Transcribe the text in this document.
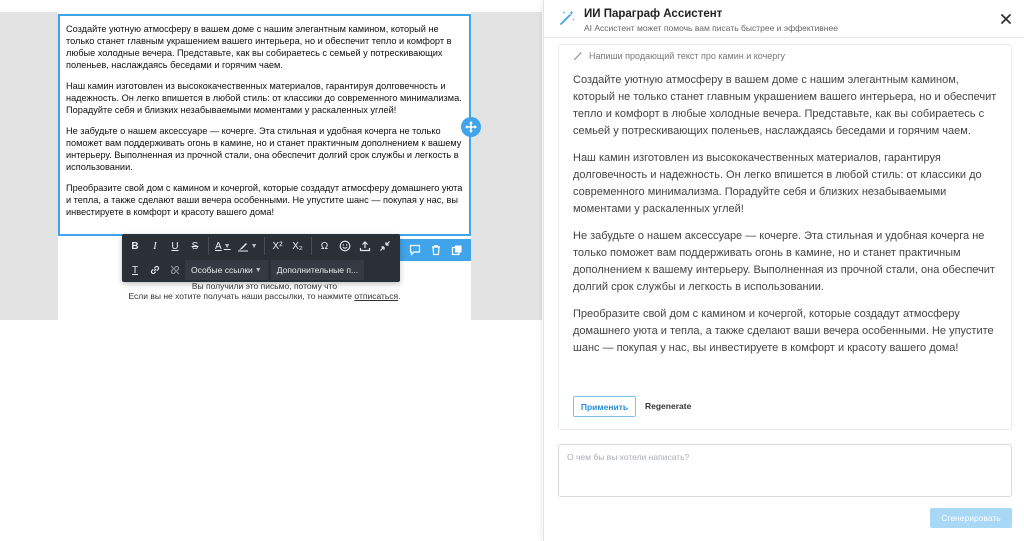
Создайте уютную атмосферу в вашем доме с нашим элегантным камином, который не только станет главным украшением вашего интерьера, но и обеспечит тепло и комфорт в любые холодные вечера. Представьте, как вы собираетесь с семьей у потрескивающих поленьев, наслаждаясь беседами и горячим чаем.

Наш камин изготовлен из высококачественных материалов, гарантируя долговечность и надежность. Он легко впишется в любой стиль: от классики до современного минимализма. Порадуйте себя и близких незабываемыми моментами у раскаленных углей!

Не забудьте о нашем аксессуаре — кочерге. Эта стильная и удобная кочерга не только поможет вам поддерживать огонь в камине, но и станет практичным дополнением к вашему интерьеру. Выполненная из прочной стали, она обеспечит долгий срок службы и легкость в использовании.

Преобразите свой дом с камином и кочергой, которые создадут атмосферу домашнего уюта и тепла, а также сделают ваши вечера особенными. Не упустите шанс — покупая у нас, вы инвестируете в комфорт и красоту вашего дома!

B	I	U	S	A ▼	▼	X² X₂	Ω
T	Особые ссылки ▼	Дополнительные п...
Вы получили это письмо, потому что
Если вы не хотите получать наши рассылки, то нажмите отписаться.
ИИ Параграф Ассистент
AI Ассистент может помочь вам писать быстрее и эффективнее
Напиши продающий текст про камин и кочергу

Создайте уютную атмосферу в вашем доме с нашим элегантным камином, который не только станет главным украшением вашего интерьера, но и обеспечит тепло и комфорт в любые холодные вечера. Представьте, как вы собираетесь с семьей у потрескивающих поленьев, наслаждаясь беседами и горячим чаем.

Наш камин изготовлен из высококачественных материалов, гарантируя долговечность и надежность. Он легко впишется в любой стиль: от классики до современного минимализма. Порадуйте себя и близких незабываемыми моментами у раскаленных углей!

Не забудьте о нашем аксессуаре — кочерге. Эта стильная и удобная кочерга не только поможет вам поддерживать огонь в камине, но и станет практичным дополнением к вашему интерьеру. Выполненная из прочной стали, она обеспечит долгий срок службы и легкость в использовании.

Преобразите свой дом с камином и кочергой, которые создадут атмосферу домашнего уюта и тепла, а также сделают ваши вечера особенными. Не упустите шанс — покупая у нас, вы инвестируете в комфорт и красоту вашего дома!

Применить	Regenerate
О чем бы вы хотели написать?
Сгенерировать
